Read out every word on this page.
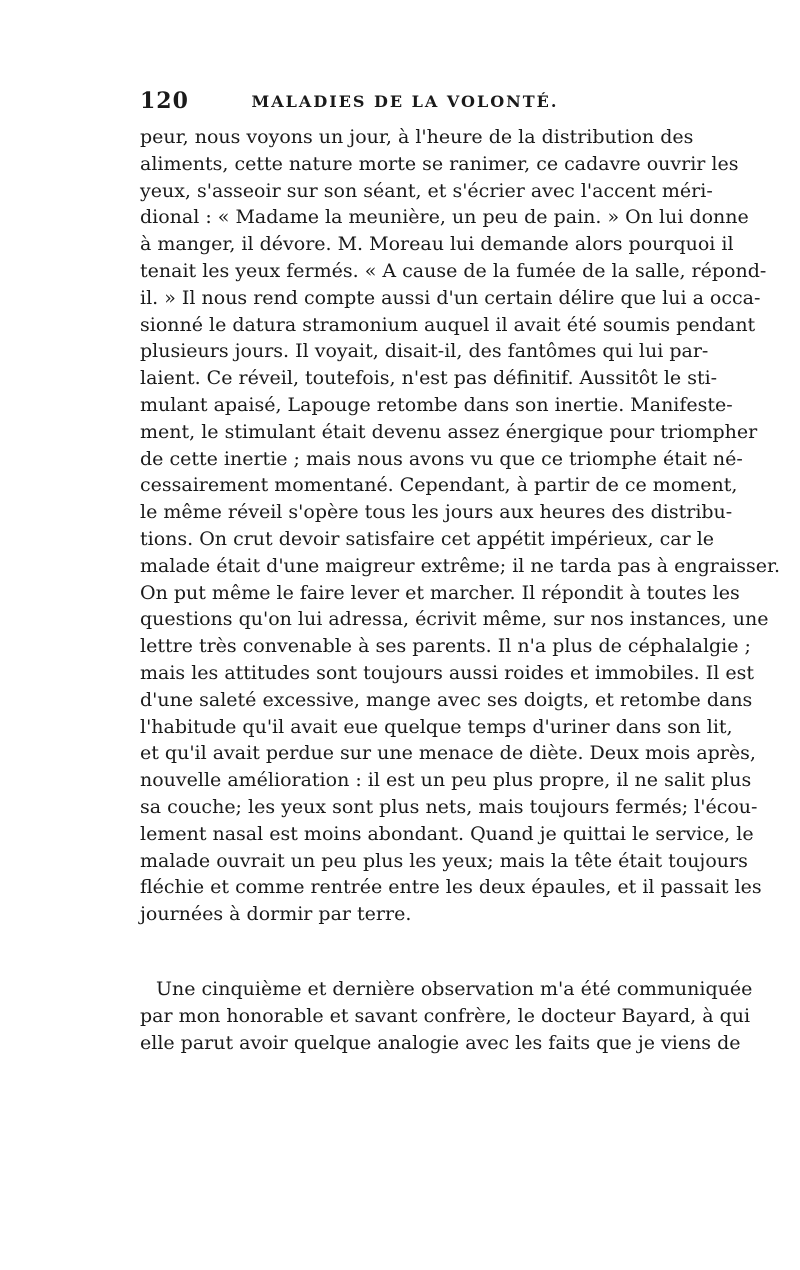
120	MALADIES DE LA VOLONTÉ.
peur, nous voyons un jour, à l'heure de la distribution des
aliments, cette nature morte se ranimer, ce cadavre ouvrir les
yeux, s'asseoir sur son séant, et s'écrier avec l'accent méri-
dional : « Madame la meunière, un peu de pain. » On lui donne
à manger, il dévore. M. Moreau lui demande alors pourquoi il
tenait les yeux fermés. « A cause de la fumée de la salle, répond-
il. » Il nous rend compte aussi d'un certain délire que lui a occa-
sionné le datura stramonium auquel il avait été soumis pendant
plusieurs jours. Il voyait, disait-il, des fantômes qui lui par-
laient. Ce réveil, toutefois, n'est pas définitif. Aussitôt le sti-
mulant apaisé, Lapouge retombe dans son inertie. Manifeste-
ment, le stimulant était devenu assez énergique pour triompher
de cette inertie ; mais nous avons vu que ce triomphe était né-
cessairement momentané. Cependant, à partir de ce moment,
le même réveil s'opère tous les jours aux heures des distribu-
tions. On crut devoir satisfaire cet appétit impérieux, car le
malade était d'une maigreur extrême; il ne tarda pas à engraisser.
On put même le faire lever et marcher. Il répondit à toutes les
questions qu'on lui adressa, écrivit même, sur nos instances, une
lettre très convenable à ses parents. Il n'a plus de céphalalgie ;
mais les attitudes sont toujours aussi roides et immobiles. Il est
d'une saleté excessive, mange avec ses doigts, et retombe dans
l'habitude qu'il avait eue quelque temps d'uriner dans son lit,
et qu'il avait perdue sur une menace de diète. Deux mois après,
nouvelle amélioration : il est un peu plus propre, il ne salit plus
sa couche; les yeux sont plus nets, mais toujours fermés; l'écou-
lement nasal est moins abondant. Quand je quittai le service, le
malade ouvrait un peu plus les yeux; mais la tête était toujours
fléchie et comme rentrée entre les deux épaules, et il passait les
journées à dormir par terre.
Une cinquième et dernière observation m'a été communiquée
par mon honorable et savant confrère, le docteur Bayard, à qui
elle parut avoir quelque analogie avec les faits que je viens de
